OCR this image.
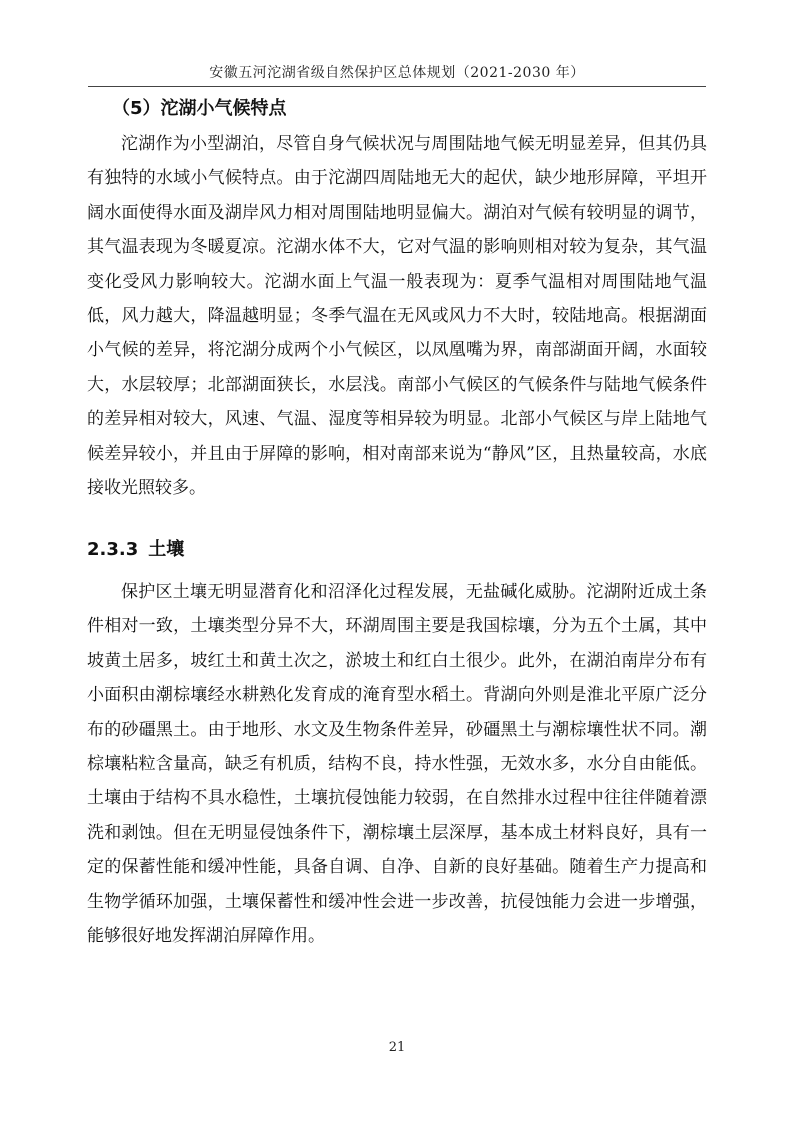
安徽五河沱湖省级自然保护区总体规划（2021-2030 年）
（5）沱湖小气候特点

沱湖作为小型湖泊，尽管自身气候状况与周围陆地气候无明显差异，但其仍具有独特的水域小气候特点。由于沱湖四周陆地无大的起伏，缺少地形屏障，平坦开阔水面使得水面及湖岸风力相对周围陆地明显偏大。湖泊对气候有较明显的调节，其气温表现为冬暖夏凉。沱湖水体不大，它对气温的影响则相对较为复杂，其气温变化受风力影响较大。沱湖水面上气温一般表现为：夏季气温相对周围陆地气温低，风力越大，降温越明显；冬季气温在无风或风力不大时，较陆地高。根据湖面小气候的差异，将沱湖分成两个小气候区，以凤凰嘴为界，南部湖面开阔，水面较大，水层较厚；北部湖面狭长，水层浅。南部小气候区的气候条件与陆地气候条件的差异相对较大，风速、气温、湿度等相异较为明显。北部小气候区与岸上陆地气候差异较小，并且由于屏障的影响，相对南部来说为“静风”区，且热量较高，水底接收光照较多。

2.3.3 土壤

保护区土壤无明显潜育化和沼泽化过程发展，无盐碱化威胁。沱湖附近成土条件相对一致，土壤类型分异不大，环湖周围主要是我国棕壤，分为五个土属，其中坡黄土居多，坡红土和黄土次之，淤坡土和红白土很少。此外，在湖泊南岸分布有小面积由潮棕壤经水耕熟化发育成的淹育型水稻土。背湖向外则是淮北平原广泛分布的砂礓黑土。由于地形、水文及生物条件差异，砂礓黑土与潮棕壤性状不同。潮棕壤粘粒含量高，缺乏有机质，结构不良，持水性强，无效水多，水分自由能低。土壤由于结构不具水稳性，土壤抗侵蚀能力较弱，在自然排水过程中往往伴随着漂洗和剥蚀。但在无明显侵蚀条件下，潮棕壤土层深厚，基本成土材料良好，具有一定的保蓄性能和缓冲性能，具备自调、自净、自新的良好基础。随着生产力提高和生物学循环加强，土壤保蓄性和缓冲性会进一步改善，抗侵蚀能力会进一步增强，能够很好地发挥湖泊屏障作用。

21
